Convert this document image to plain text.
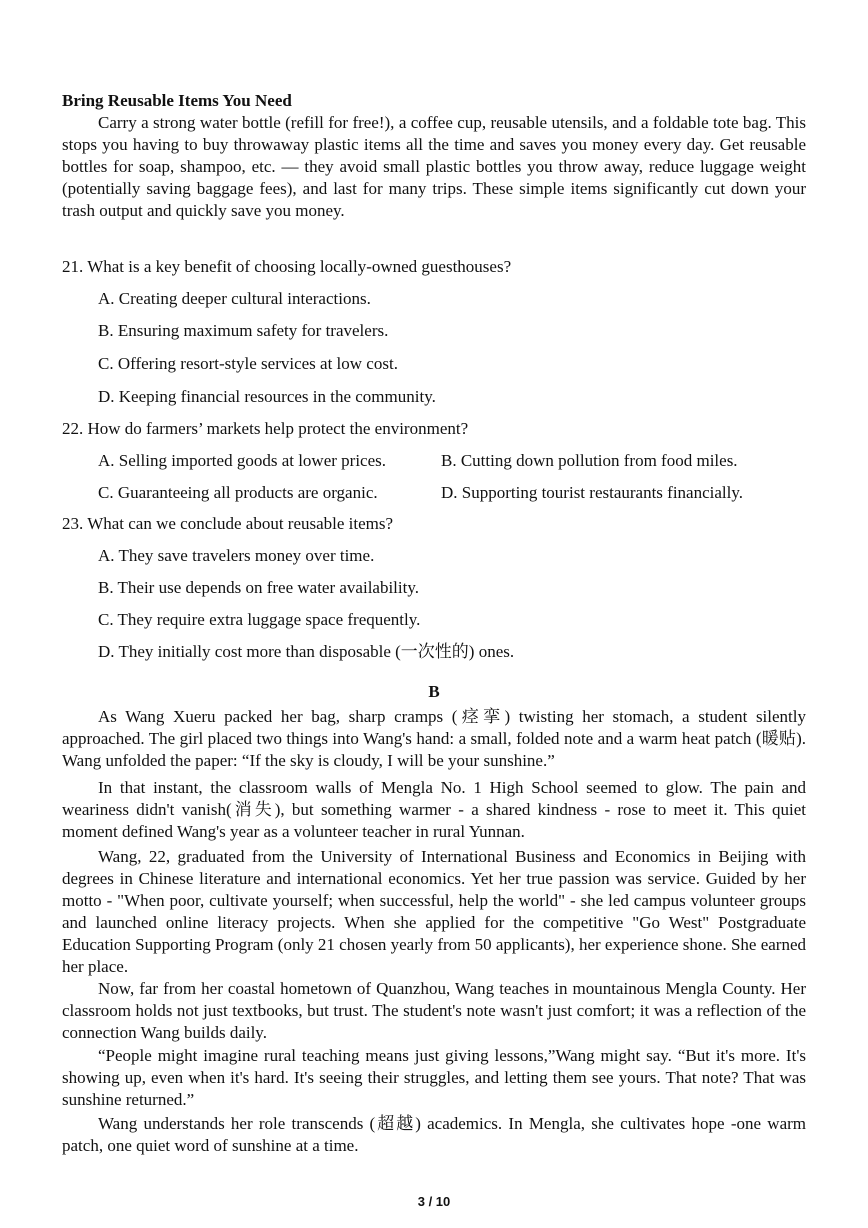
Bring Reusable Items You Need

Carry a strong water bottle (refill for free!), a coffee cup, reusable utensils, and a foldable tote bag. This stops you having to buy throwaway plastic items all the time and saves you money every day. Get reusable bottles for soap, shampoo, etc. — they avoid small plastic bottles you throw away, reduce luggage weight (potentially saving baggage fees), and last for many trips. These simple items significantly cut down your trash output and quickly save you money.

21. What is a key benefit of choosing locally-owned guesthouses?
A. Creating deeper cultural interactions.
B. Ensuring maximum safety for travelers.
C. Offering resort-style services at low cost.
D. Keeping financial resources in the community.
22. How do farmers’ markets help protect the environment?
A. Selling imported goods at lower prices.	B. Cutting down pollution from food miles.
C. Guaranteeing all products are organic.	D. Supporting tourist restaurants financially.
23. What can we conclude about reusable items?
A. They save travelers money over time.
B. Their use depends on free water availability.
C. They require extra luggage space frequently.
D. They initially cost more than disposable (一次性的) ones.
B

As Wang Xueru packed her bag, sharp cramps (痉挛) twisting her stomach, a student silently approached. The girl placed two things into Wang's hand: a small, folded note and a warm heat patch (暖贴). Wang unfolded the paper: “If the sky is cloudy, I will be your sunshine.”

In that instant, the classroom walls of Mengla No. 1 High School seemed to glow. The pain and weariness didn't vanish(消失), but something warmer - a shared kindness - rose to meet it. This quiet moment defined Wang's year as a volunteer teacher in rural Yunnan.

Wang, 22, graduated from the University of International Business and Economics in Beijing with degrees in Chinese literature and international economics. Yet her true passion was service. Guided by her motto - "When poor, cultivate yourself; when successful, help the world" - she led campus volunteer groups and launched online literacy projects. When she applied for the competitive "Go West" Postgraduate Education Supporting Program (only 21 chosen yearly from 50 applicants), her experience shone. She earned her place.

Now, far from her coastal hometown of Quanzhou, Wang teaches in mountainous Mengla County. Her classroom holds not just textbooks, but trust. The student's note wasn't just comfort; it was a reflection of the connection Wang builds daily.

“People might imagine rural teaching means just giving lessons,”Wang might say. “But it's more. It's showing up, even when it's hard. It's seeing their struggles, and letting them see yours. That note? That was sunshine returned.”

Wang understands her role transcends (超越) academics. In Mengla, she cultivates hope -one warm patch, one quiet word of sunshine at a time.

3 / 10
